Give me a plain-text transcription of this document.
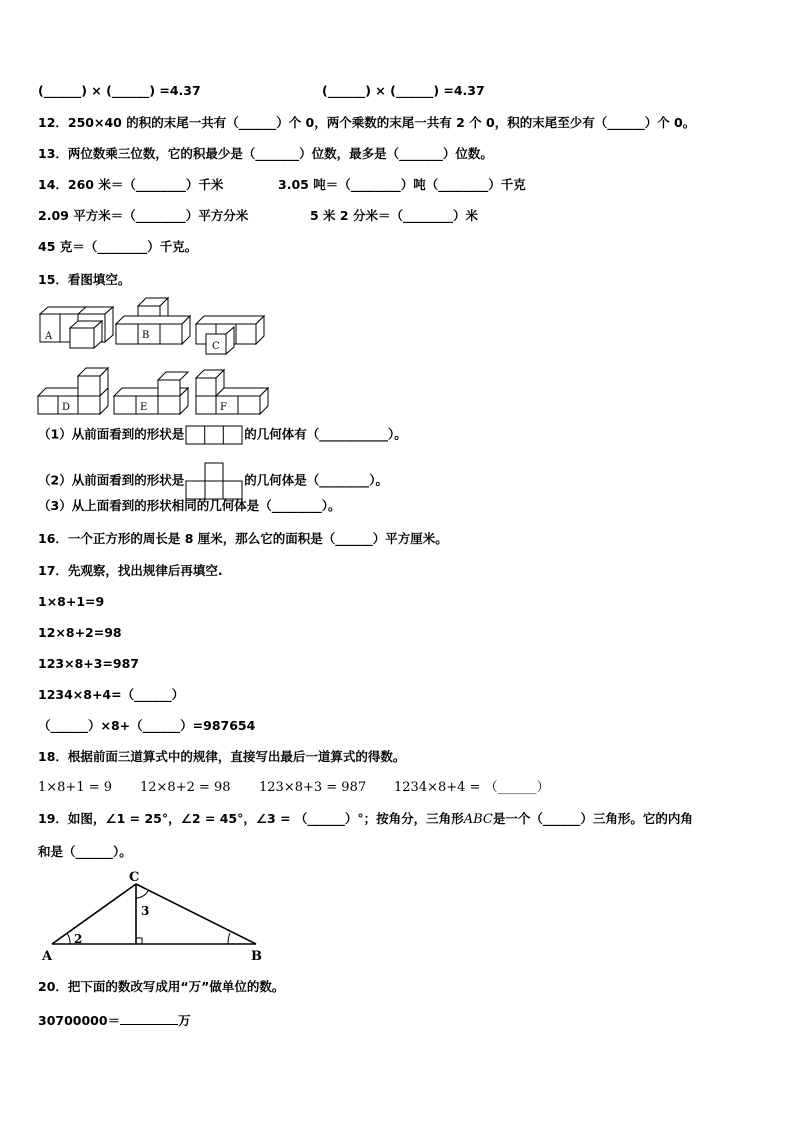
(______) × (______) =4.37	(______) × (______) =4.37
12．250×40 的积的末尾一共有（______）个 0，两个乘数的末尾一共有 2 个 0，积的末尾至少有（______）个 0。
13．两位数乘三位数，它的积最少是（_______）位数，最多是（_______）位数。
14．260 米＝（________）千米	3.05 吨＝（________）吨（________）千克
2.09 平方米＝（________）平方分米	5 米 2 分米＝（________）米
45 克＝（________）千克。
15．看图填空。
A	B
C
D	E	F
（1）从前面看到的形状是	的几何体有（___________）。
（2）从前面看到的形状是	的几何体是（________）。
（3）从上面看到的形状相同的几何体是（________）。
16．一个正方形的周长是 8 厘米，那么它的面积是（______）平方厘米。
17．先观察，找出规律后再填空.
1×8+1=9
12×8+2=98
123×8+3=987
1234×8+4=（______）
（______）×8+（______）=987654
18．根据前面三道算式中的规律，直接写出最后一道算式的得数。
1×8+1 = 9 12×8+2 = 98 123×8+3 = 987 1234×8+4 = （______）
19．如图，∠1 = 25°，∠2 = 45°，∠3 = （______）°；按角分，三角形ABC是一个（______）三角形。它的内角
和是（______）。
C
A	B
2
3
20．把下面的数改写成用“万”做单位的数。
30700000＝	万
